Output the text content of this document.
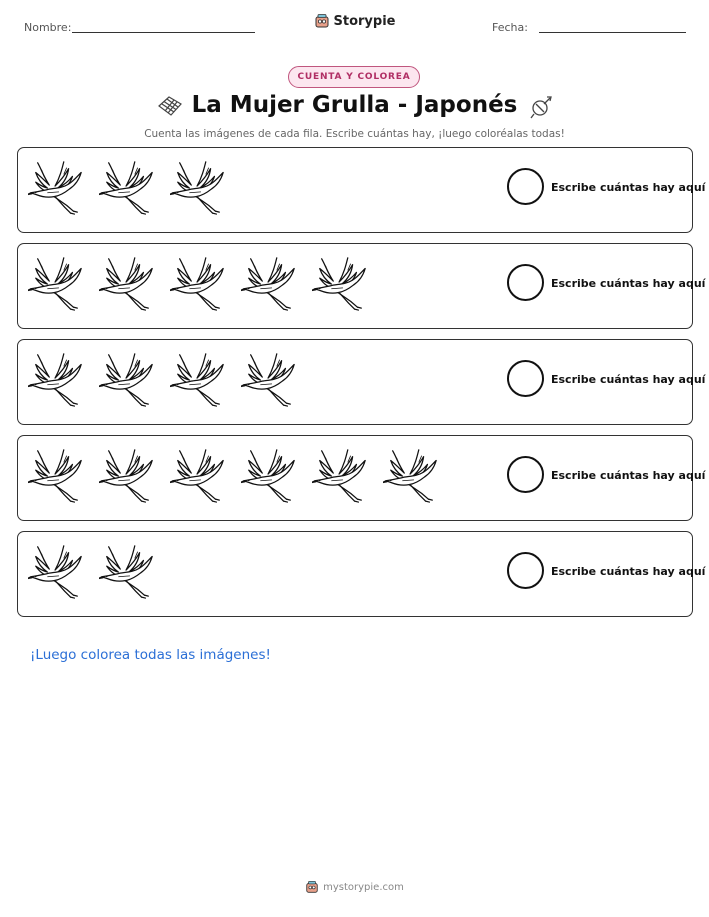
Nombre:	Storypie	Fecha:
CUENTA Y COLOREA
La Mujer Grulla - Japonés
Cuenta las imágenes de cada fila. Escribe cuántas hay, ¡luego coloréalas todas!
Escribe cuántas hay aquí
Escribe cuántas hay aquí
Escribe cuántas hay aquí
Escribe cuántas hay aquí
Escribe cuántas hay aquí
¡Luego colorea todas las imágenes!
mystorypie.com
